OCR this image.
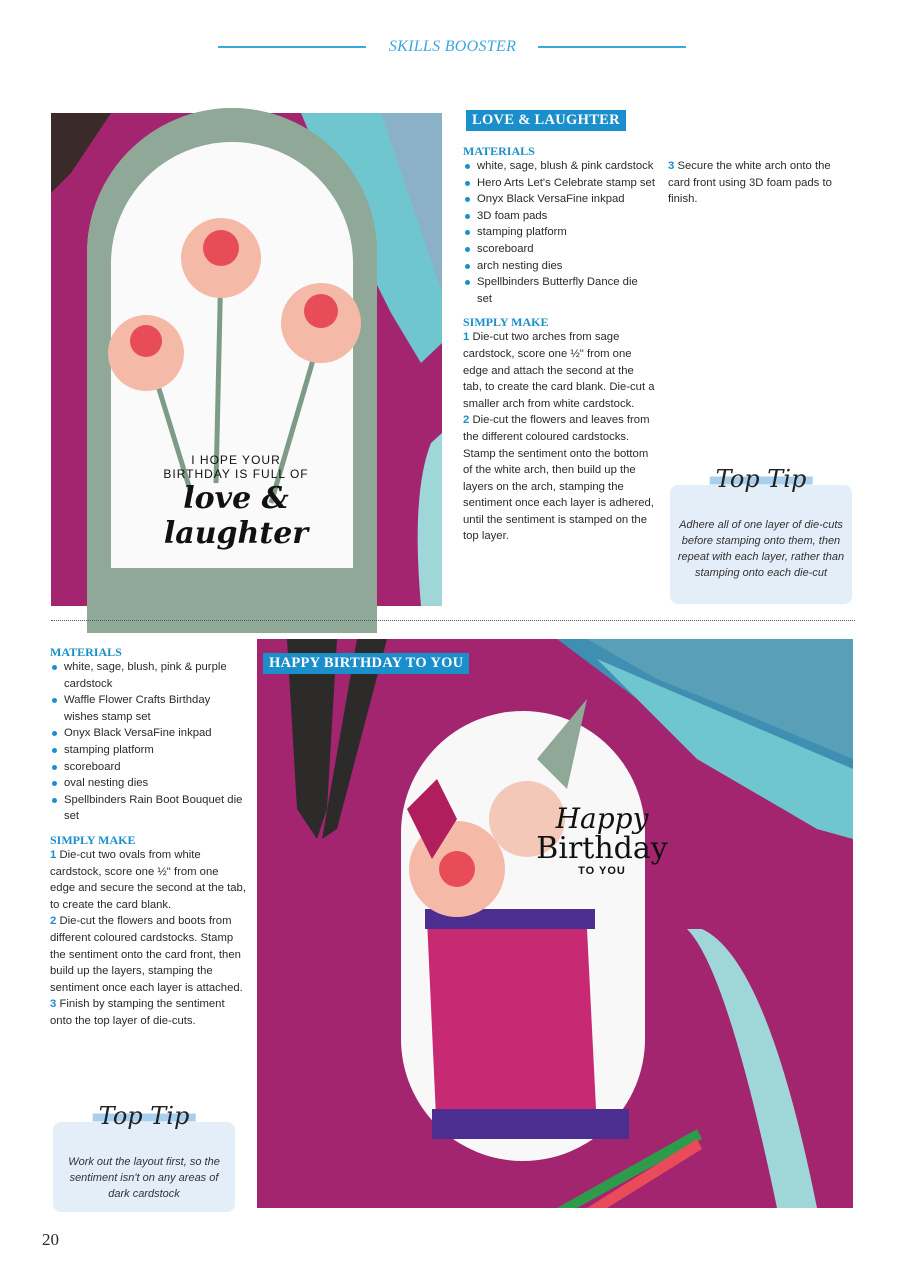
SKILLS BOOSTER
I HOPE YOUR
BIRTHDAY IS FULL OF
love & laughter
LOVE & LAUGHTER
MATERIALS
white, sage, blush & pink cardstock
Hero Arts Let's Celebrate stamp set
Onyx Black VersaFine inkpad
3D foam pads
stamping platform
scoreboard
arch nesting dies
Spellbinders Butterfly Dance die set
SIMPLY MAKE

1 Die-cut two arches from sage cardstock, score one ½" from one edge and attach the second at the tab, to create the card blank. Die-cut a smaller arch from white cardstock.

2 Die-cut the flowers and leaves from the different coloured cardstocks. Stamp the sentiment onto the bottom of the white arch, then build up the layers on the arch, stamping the sentiment once each layer is adhered, until the sentiment is stamped on the top layer.

3 Secure the white arch onto the card front using 3D foam pads to finish.

Top Tip
Adhere all of one layer of die-cuts before stamping onto them, then repeat with each layer, rather than stamping onto each die-cut
MATERIALS
white, sage, blush, pink & purple cardstock
Waffle Flower Crafts Birthday wishes stamp set
Onyx Black VersaFine inkpad
stamping platform
scoreboard
oval nesting dies
Spellbinders Rain Boot Bouquet die set
SIMPLY MAKE

1 Die-cut two ovals from white cardstock, score one ½" from one edge and secure the second at the tab, to create the card blank.

2 Die-cut the flowers and boots from different coloured cardstocks. Stamp the sentiment onto the card front, then build up the layers, stamping the sentiment once each layer is attached.

3 Finish by stamping the sentiment onto the top layer of die-cuts.

Top Tip
Work out the layout first, so the sentiment isn't on any areas of dark cardstock
Happy
Birthday
TO YOU
HAPPY BIRTHDAY TO YOU
20
